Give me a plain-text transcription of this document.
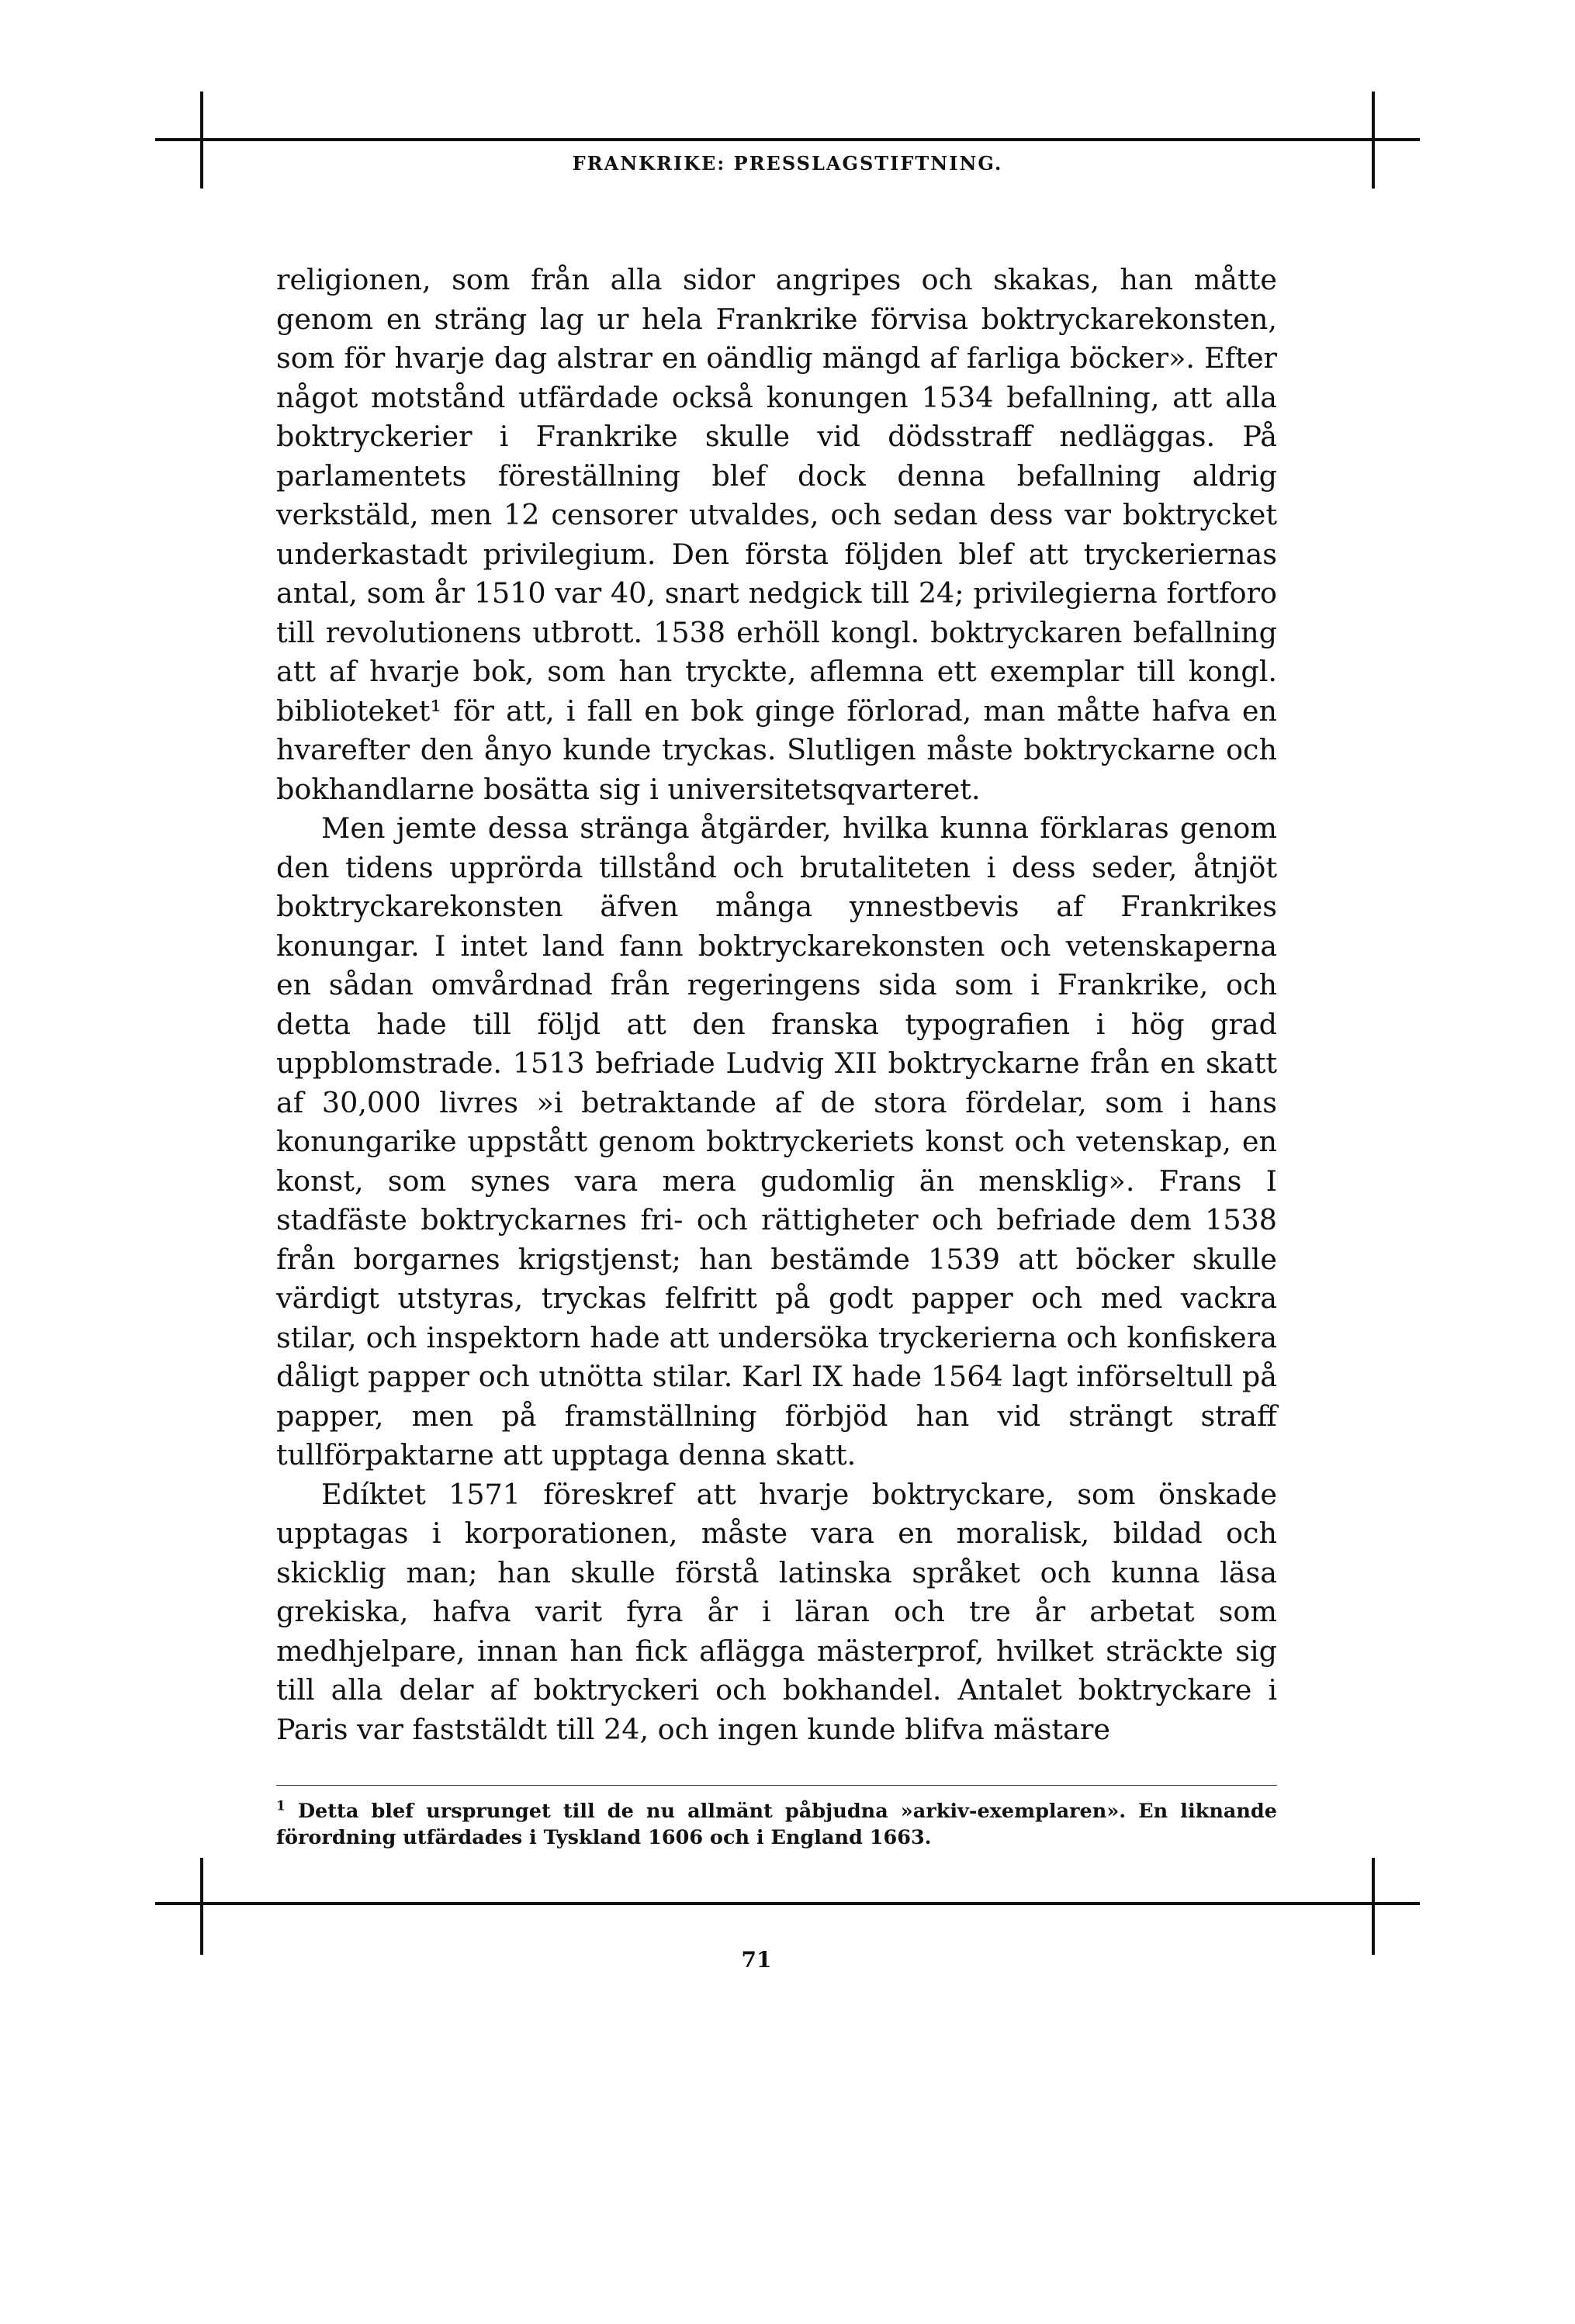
FRANKRIKE: PRESSLAGSTIFTNING.

religionen, som från alla sidor angripes och skakas, han måtte genom en sträng lag ur hela Frankrike förvisa boktryckarekonsten, som för hvarje dag alstrar en oändlig mängd af farliga böcker». Efter något motstånd utfärdade också konungen 1534 befallning, att alla boktryckerier i Frankrike skulle vid dödsstraff nedläggas. På parlamentets föreställning blef dock denna befallning aldrig verkstäld, men 12 censorer utvaldes, och sedan dess var boktrycket underkastadt privilegium. Den första följden blef att tryckeriernas antal, som år 1510 var 40, snart nedgick till 24; privilegierna fortforo till revolutionens utbrott. 1538 erhöll kongl. boktryckaren befallning att af hvarje bok, som han tryckte, aflemna ett exemplar till kongl. biblioteket¹ för att, i fall en bok ginge förlorad, man måtte hafva en hvarefter den ånyo kunde tryckas. Slutligen måste boktryckarne och bokhandlarne bosätta sig i universitetsqvarteret.

Men jemte dessa stränga åtgärder, hvilka kunna förklaras genom den tidens upprörda tillstånd och brutaliteten i dess seder, åtnjöt boktryckarekonsten äfven många ynnestbevis af Frankrikes konungar. I intet land fann boktryckarekonsten och vetenskaperna en sådan omvårdnad från regeringens sida som i Frankrike, och detta hade till följd att den franska typografien i hög grad uppblomstrade. 1513 befriade Ludvig XII boktryckarne från en skatt af 30,000 livres »i betraktande af de stora fördelar, som i hans konungarike uppstått genom boktryckeriets konst och vetenskap, en konst, som synes vara mera gudomlig än mensklig». Frans I stadfäste boktryckarnes fri- och rättigheter och befriade dem 1538 från borgarnes krigstjenst; han bestämde 1539 att böcker skulle värdigt utstyras, tryckas felfritt på godt papper och med vackra stilar, och inspektorn hade att undersöka tryckerierna och konfiskera dåligt papper och utnötta stilar. Karl IX hade 1564 lagt införseltull på papper, men på framställning förbjöd han vid strängt straff tullförpaktarne att upptaga denna skatt.

Edíktet 1571 föreskref att hvarje boktryckare, som önskade upptagas i korporationen, måste vara en moralisk, bildad och skicklig man; han skulle förstå latinska språket och kunna läsa grekiska, hafva varit fyra år i läran och tre år arbetat som medhjelpare, innan han fick aflägga mästerprof, hvilket sträckte sig till alla delar af boktryckeri och bokhandel. Antalet boktryckare i Paris var faststäldt till 24, och ingen kunde blifva mästare

$^1$ Detta blef ursprunget till de nu allmänt påbjudna »arkiv-exemplaren». En liknande förordning utfärdades i Tyskland 1606 och i England 1663.
71
